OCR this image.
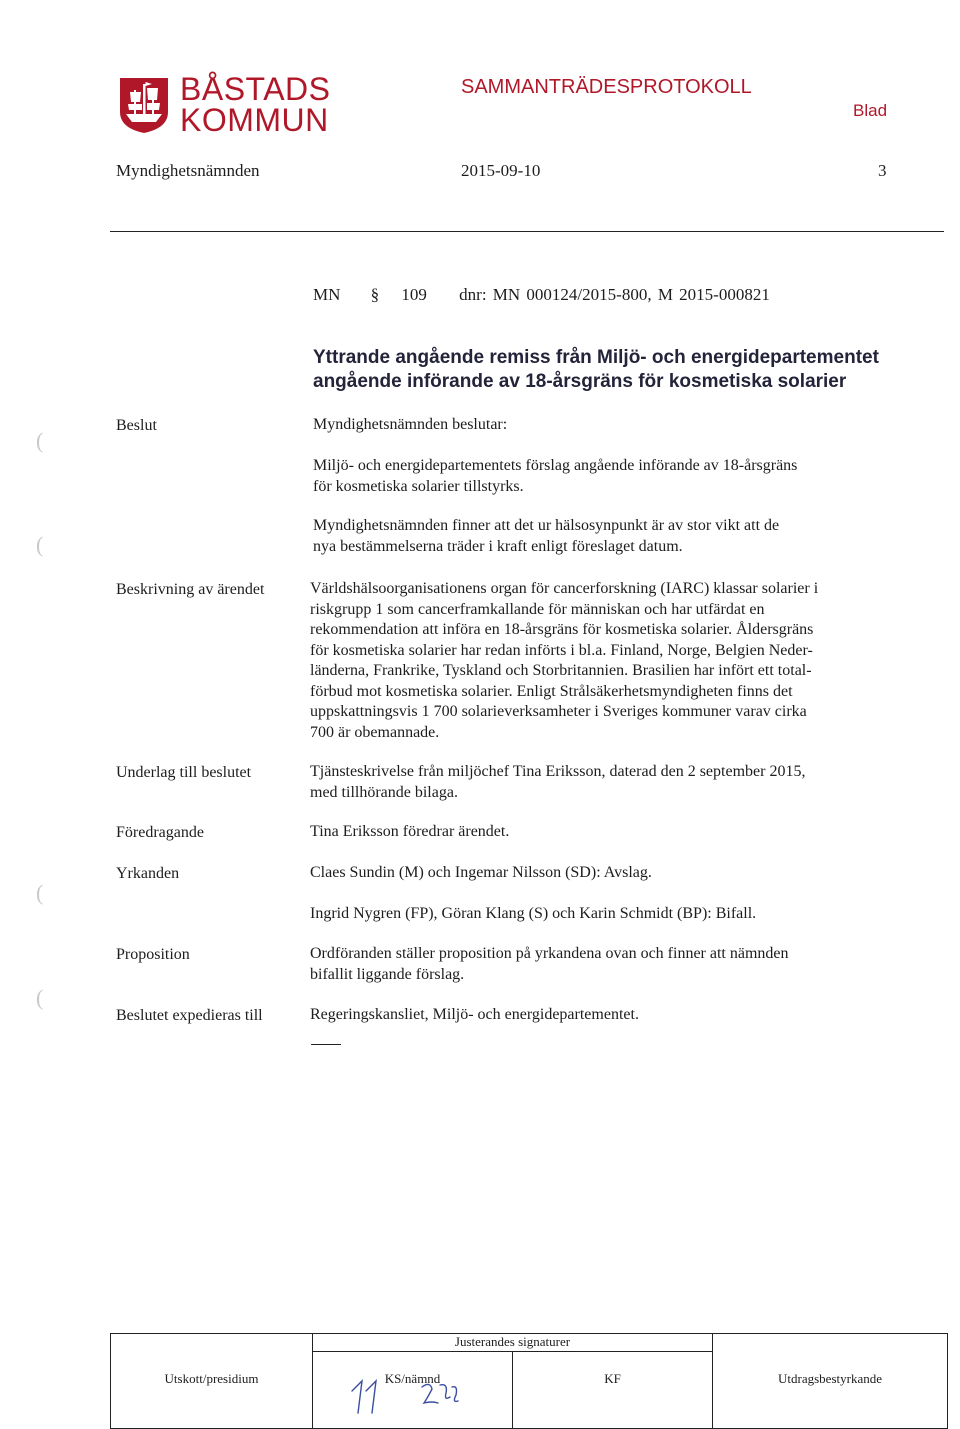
BÅSTADS
KOMMUN
SAMMANTRÄDESPROTOKOLL
Blad
Myndighetsnämnden	2015-09-10	3
MN § 109 dnr: MN 000124/2015-800, M 2015-000821
Yttrande angående remiss från Miljö- och energidepartementet
angående införande av 18-årsgräns för kosmetiska solarier
Beslut	Myndighetsnämnden beslutar:
Miljö- och energidepartementets förslag angående införande av 18-årsgräns
för kosmetiska solarier tillstyrks.
Myndighetsnämnden finner att det ur hälsosynpunkt är av stor vikt att de
nya bestämmelserna träder i kraft enligt föreslaget datum.
Beskrivning av ärendet	Världshälsoorganisationens organ för cancerforskning (IARC) klassar solarier i
riskgrupp 1 som cancerframkallande för människan och har utfärdat en
rekommendation att införa en 18-årsgräns för kosmetiska solarier. Åldersgräns
för kosmetiska solarier har redan införts i bl.a. Finland, Norge, Belgien Neder-
länderna, Frankrike, Tyskland och Storbritannien. Brasilien har infört ett total-
förbud mot kosmetiska solarier. Enligt Strålsäkerhetsmyndigheten finns det
uppskattningsvis 1 700 solarieverksamheter i Sveriges kommuner varav cirka
700 är obemannade.
Underlag till beslutet	Tjänsteskrivelse från miljöchef Tina Eriksson, daterad den 2 september 2015,
med tillhörande bilaga.
Föredragande	Tina Eriksson föredrar ärendet.
Yrkanden	Claes Sundin (M) och Ingemar Nilsson (SD): Avslag.
Ingrid Nygren (FP), Göran Klang (S) och Karin Schmidt (BP): Bifall.
Proposition	Ordföranden ställer proposition på yrkandena ovan och finner att nämnden
bifallit liggande förslag.
Beslutet expedieras till	Regeringskansliet, Miljö- och energidepartementet.
(
(
(
(
	Justerandes signaturer		

Utskott/presidium	KS/nämnd	KF	Utdragsbestyrkande
